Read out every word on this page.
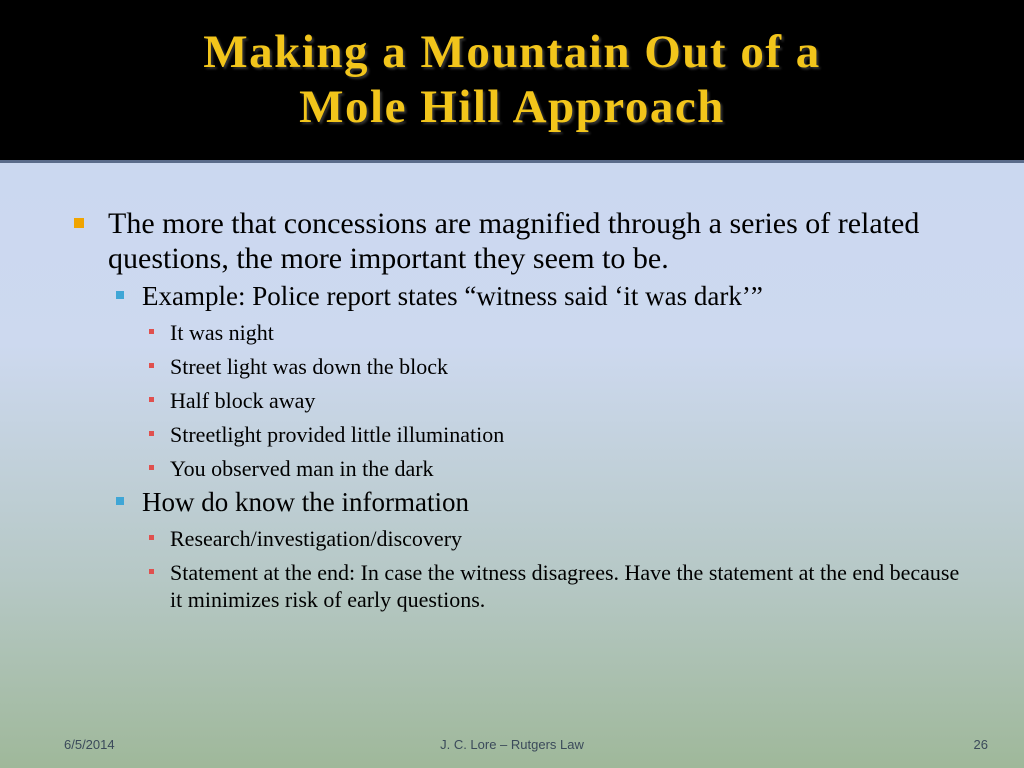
Making a Mountain Out of a
Mole Hill Approach
The more that concessions are magnified through a series of related questions, the more important they seem to be.
Example: Police report states “witness said ‘it was dark’”
It was night
Street light was down the block
Half block away
Streetlight provided little illumination
You observed man in the dark
How do know the information
Research/investigation/discovery
Statement at the end: In case the witness disagrees. Have the statement at the end because it minimizes risk of early questions.
6/5/2014	J. C. Lore – Rutgers Law	26
